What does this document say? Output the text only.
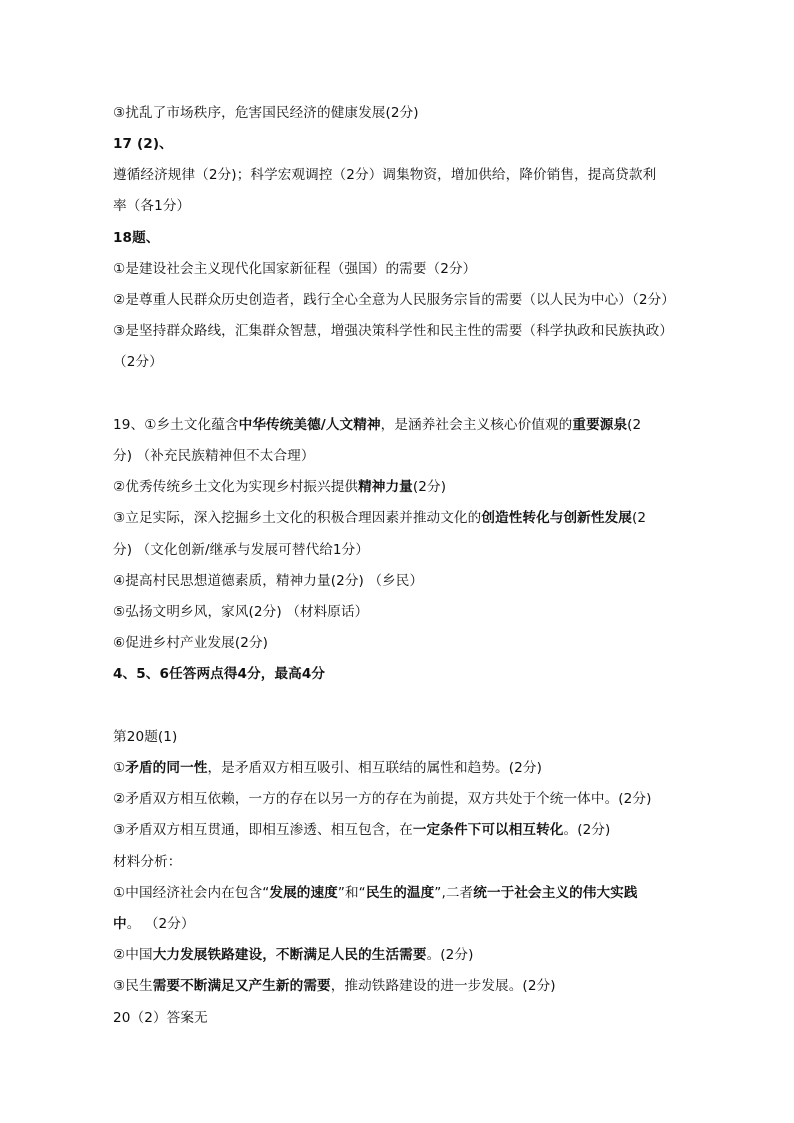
③扰乱了市场秩序，危害国民经济的健康发展(2分)
17 (2)、
遵循经济规律（2分)；科学宏观调控（2分）调集物资，增加供给，降价销售，提高贷款利
率（各1分）
18题、
①是建设社会主义现代化国家新征程（强国）的需要（2分）
②是尊重人民群众历史创造者，践行全心全意为人民服务宗旨的需要（以人民为中心）（2分）
③是坚持群众路线，汇集群众智慧，增强决策科学性和民主性的需要（科学执政和民族执政）
（2分）
19、①乡土文化蕴含中华传统美德/人文精神，是涵养社会主义核心价值观的重要源泉(2
分) （补充民族精神但不太合理）
②优秀传统乡土文化为实现乡村振兴提供精神力量(2分)
③立足实际，深入挖掘乡土文化的积极合理因素并推动文化的创造性转化与创新性发展(2
分) （文化创新/继承与发展可替代给1分）
④提高村民思想道德素质，精神力量(2分) （乡民）
⑤弘扬文明乡风，家风(2分) （材料原话）
⑥促进乡村产业发展(2分)
4、5、6任答两点得4分，最高4分
第20题(1)
①矛盾的同一性，是矛盾双方相互吸引、相互联结的属性和趋势。(2分)
②矛盾双方相互依赖，一方的存在以另一方的存在为前提，双方共处于个统一体中。(2分)
③矛盾双方相互贯通，即相互渗透、相互包含，在一定条件下可以相互转化。(2分)
材料分析：
①中国经济社会内在包含“发展的速度”和“民生的温度”,二者统一于社会主义的伟大实践
中。 （2分）
②中国大力发展铁路建设，不断满足人民的生活需要。(2分)
③民生需要不断满足又产生新的需要，推动铁路建设的进一步发展。(2分)
20（2）答案无
